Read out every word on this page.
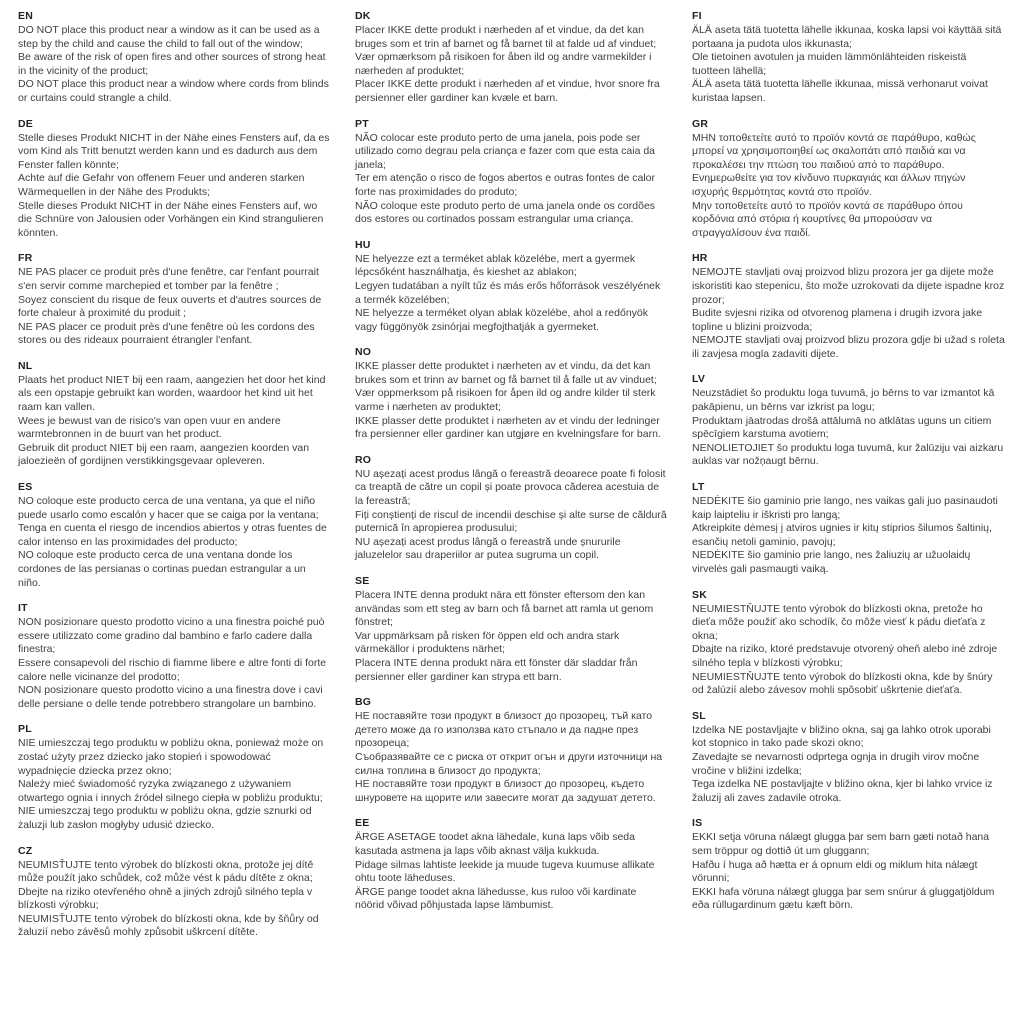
EN

DO NOT place this product near a window as it can be used as a step by the child and cause the child to fall out of the window;

Be aware of the risk of open fires and other sources of strong heat in the vicinity of the product;

DO NOT place this product near a window where cords from blinds or curtains could strangle a child.

DE

Stelle dieses Produkt NICHT in der Nähe eines Fensters auf, da es vom Kind als Tritt benutzt werden kann und es dadurch aus dem Fenster fallen könnte;

Achte auf die Gefahr von offenem Feuer und anderen starken Wärmequellen in der Nähe des Produkts;

Stelle dieses Produkt NICHT in der Nähe eines Fensters auf, wo die Schnüre von Jalousien oder Vorhängen ein Kind strangulieren könnten.

FR

NE PAS placer ce produit près d'une fenêtre, car l'enfant pourrait s'en servir comme marchepied et tomber par la fenêtre ;

Soyez conscient du risque de feux ouverts et d'autres sources de forte chaleur à proximité du produit ;

NE PAS placer ce produit près d'une fenêtre où les cordons des stores ou des rideaux pourraient étrangler l'enfant.

NL

Plaats het product NIET bij een raam, aangezien het door het kind als een opstapje gebruikt kan worden, waardoor het kind uit het raam kan vallen.

Wees je bewust van de risico's van open vuur en andere warmtebronnen in de buurt van het product.

Gebruik dit product NIET bij een raam, aangezien koorden van jaloezieën of gordijnen verstikkingsgevaar opleveren.

ES

NO coloque este producto cerca de una ventana, ya que el niño puede usarlo como escalón y hacer que se caiga por la ventana;

Tenga en cuenta el riesgo de incendios abiertos y otras fuentes de calor intenso en las proximidades del producto;

NO coloque este producto cerca de una ventana donde los cordones de las persianas o cortinas puedan estrangular a un niño.

IT

NON posizionare questo prodotto vicino a una finestra poiché può essere utilizzato come gradino dal bambino e farlo cadere dalla finestra;

Essere consapevoli del rischio di fiamme libere e altre fonti di forte calore nelle vicinanze del prodotto;

NON posizionare questo prodotto vicino a una finestra dove i cavi delle persiane o delle tende potrebbero strangolare un bambino.

PL

NIE umieszczaj tego produktu w pobliżu okna, ponieważ może on zostać użyty przez dziecko jako stopień i spowodować wypadnięcie dziecka przez okno;

Należy mieć świadomość ryzyka związanego z używaniem otwartego ognia i innych źródeł silnego ciepła w pobliżu produktu;

NIE umieszczaj tego produktu w pobliżu okna, gdzie sznurki od żaluzji lub zasłon mogłyby udusić dziecko.

CZ

NEUMISŤUJTE tento výrobek do blízkosti okna, protože jej dítě může použít jako schůdek, což může vést k pádu dítěte z okna;

Dbejte na riziko otevřeného ohně a jiných zdrojů silného tepla v blízkosti výrobku;

NEUMISŤUJTE tento výrobek do blízkosti okna, kde by šňůry od žaluzií nebo závěsů mohly způsobit uškrcení dítěte.

DK

Placer IKKE dette produkt i nærheden af et vindue, da det kan bruges som et trin af barnet og få barnet til at falde ud af vinduet;

Vær opmærksom på risikoen for åben ild og andre varmekilder i nærheden af produktet;

Placer IKKE dette produkt i nærheden af et vindue, hvor snore fra persienner eller gardiner kan kvæle et barn.

PT

NÃO colocar este produto perto de uma janela, pois pode ser utilizado como degrau pela criança e fazer com que esta caia da janela;

Ter em atenção o risco de fogos abertos e outras fontes de calor forte nas proximidades do produto;

NÃO coloque este produto perto de uma janela onde os cordões dos estores ou cortinados possam estrangular uma criança.

HU

NE helyezze ezt a terméket ablak közelébe, mert a gyermek lépcsőként használhatja, és kieshet az ablakon;

Legyen tudatában a nyílt tűz és más erős hőforrások veszélyének a termék közelében;

NE helyezze a terméket olyan ablak közelébe, ahol a redőnyök vagy függönyök zsinórjai megfojthatják a gyermeket.

NO

IKKE plasser dette produktet i nærheten av et vindu, da det kan brukes som et trinn av barnet og få barnet til å falle ut av vinduet;

Vær oppmerksom på risikoen for åpen ild og andre kilder til sterk varme i nærheten av produktet;

IKKE plasser dette produktet i nærheten av et vindu der ledninger fra persienner eller gardiner kan utgjøre en kvelningsfare for barn.

RO

NU așezați acest produs lângă o fereastră deoarece poate fi folosit ca treaptă de către un copil și poate provoca căderea acestuia de la fereastră;

Fiți conștienți de riscul de incendii deschise și alte surse de căldură puternică în apropierea produsului;

NU așezați acest produs lângă o fereastră unde șnururile jaluzelelor sau draperiilor ar putea sugruma un copil.

SE

Placera INTE denna produkt nära ett fönster eftersom den kan användas som ett steg av barn och få barnet att ramla ut genom fönstret;

Var uppmärksam på risken för öppen eld och andra stark värmekällor i produktens närhet;

Placera INTE denna produkt nära ett fönster där sladdar från persienner eller gardiner kan strypa ett barn.

BG

НЕ поставяйте този продукт в близост до прозорец, тъй като детето може да го използва като стъпало и да падне през прозореца;

Съобразявайте се с риска от открит огън и други източници на силна топлина в близост до продукта;

НЕ поставяйте този продукт в близост до прозорец, където шнуровете на щорите или завесите могат да задушат детето.

EE

ÄRGE ASETAGE toodet akna lähedale, kuna laps võib seda kasutada astmena ja laps võib aknast välja kukkuda.

Pidage silmas lahtiste leekide ja muude tugeva kuumuse allikate ohtu toote läheduses.

ÄRGE pange toodet akna lähedusse, kus ruloo või kardinate nöörid võivad põhjustada lapse lämbumist.

FI

ÄLÄ aseta tätä tuotetta lähelle ikkunaa, koska lapsi voi käyttää sitä portaana ja pudota ulos ikkunasta;

Ole tietoinen avotulen ja muiden lämmönlähteiden riskeistä tuotteen lähellä;

ÄLÄ aseta tätä tuotetta lähelle ikkunaa, missä verhonarut voivat kuristaa lapsen.

GR

ΜΗΝ τοποθετείτε αυτό το προϊόν κοντά σε παράθυρο, καθώς μπορεί να χρησιμοποιηθεί ως σκαλοπάτι από παιδιά και να προκαλέσει την πτώση του παιδιού από το παράθυρο.

Ενημερωθείτε για τον κίνδυνο πυρκαγιάς και άλλων πηγών ισχυρής θερμότητας κοντά στο προϊόν.

Μην τοποθετείτε αυτό το προϊόν κοντά σε παράθυρο όπου κορδόνια από στόρια ή κουρτίνες θα μπορούσαν να στραγγαλίσουν ένα παιδί.

HR

NEMOJTE stavljati ovaj proizvod blizu prozora jer ga dijete može iskoristiti kao stepenicu, što može uzrokovati da dijete ispadne kroz prozor;

Budite svjesni rizika od otvorenog plamena i drugih izvora jake topline u blizini proizvoda;

NEMOJTE stavljati ovaj proizvod blizu prozora gdje bi užad s roleta ili zavjesa mogla zadaviti dijete.

LV

Neuzstādiet šo produktu loga tuvumā, jo bērns to var izmantot kā pakāpienu, un bērns var izkrist pa logu;

Produktam jāatrodas drošā attālumā no atklātas uguns un citiem spēcīgiem karstuma avotiem;

NENOLIETOJIET šo produktu loga tuvumā, kur žalūziju vai aizkaru auklas var nožņaugt bērnu.

LT

NEDĖKITE šio gaminio prie lango, nes vaikas gali juo pasinaudoti kaip laipteliu ir iškristi pro langą;

Atkreipkite dėmesį į atviros ugnies ir kitų stiprios šilumos šaltinių, esančių netoli gaminio, pavojų;

NEDĖKITE šio gaminio prie lango, nes žaliuzių ar užuolaidų virvelės gali pasmaugti vaiką.

SK

NEUMIESTŇUJTE tento výrobok do blízkosti okna, pretože ho dieťa môže použiť ako schodík, čo môže viesť k pádu dieťaťa z okna;

Dbajte na riziko, ktoré predstavuje otvorený oheň alebo iné zdroje silného tepla v blízkosti výrobku;

NEUMIESTŇUJTE tento výrobok do blízkosti okna, kde by šnúry od žalúzií alebo závesov mohli spôsobiť uškrtenie dieťaťa.

SL

Izdelka NE postavljajte v bližino okna, saj ga lahko otrok uporabi kot stopnico in tako pade skozi okno;

Zavedajte se nevarnosti odprtega ognja in drugih virov močne vročine v bližini izdelka;

Tega izdelka NE postavljajte v bližino okna, kjer bi lahko vrvice iz žaluzij ali zaves zadavile otroka.

IS

EKKI setja vöruna nálægt glugga þar sem barn gæti notað hana sem tröppur og dottið út um gluggann;

Hafðu í huga að hætta er á opnum eldi og miklum hita nálægt vörunni;

EKKI hafa vöruna nálægt glugga þar sem snúrur á gluggatjöldum eða rúllugardinum gætu kæft börn.
